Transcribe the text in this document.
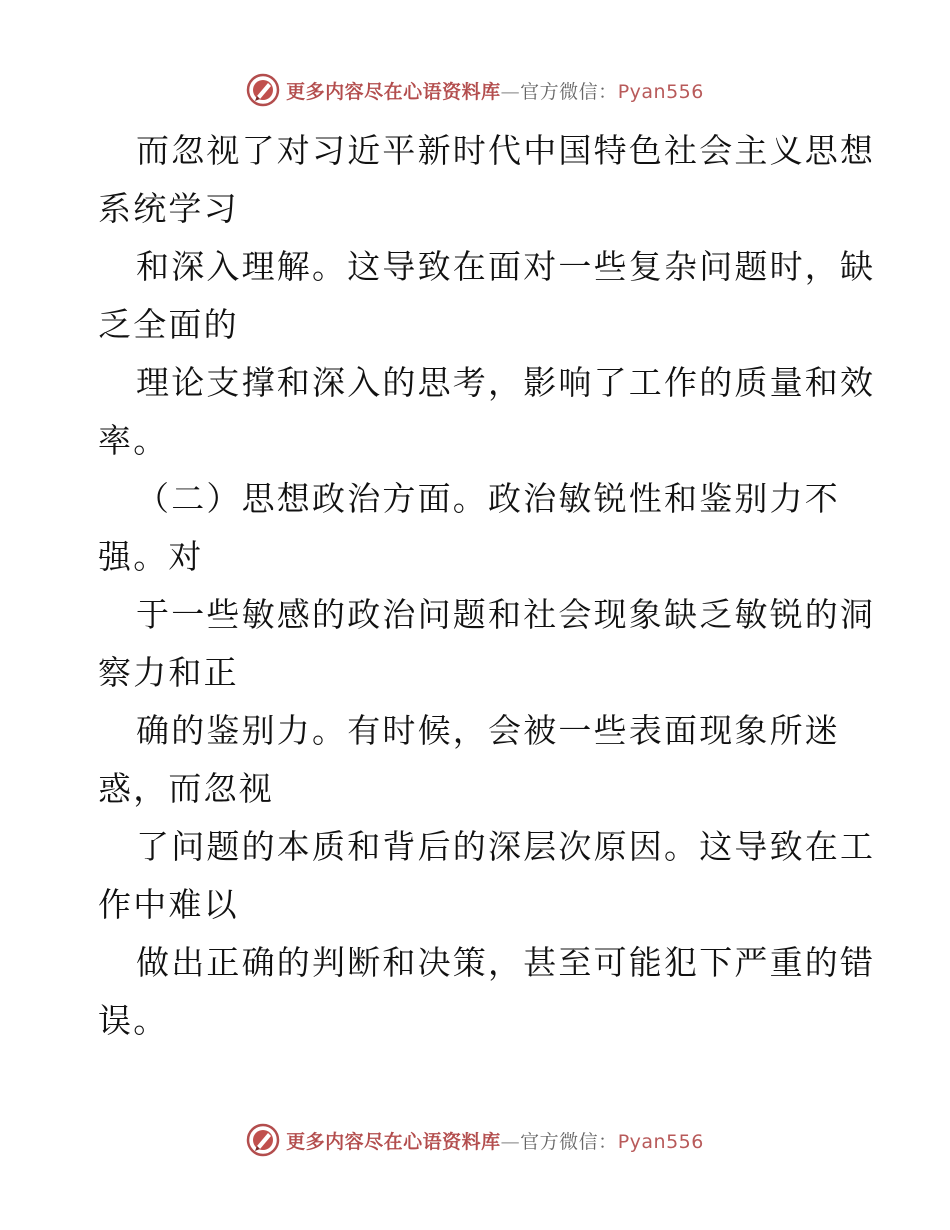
更多内容尽在心语资料库—官方微信：Pyan556
而忽视了对习近平新时代中国特色社会主义思想
系统学习
和深入理解。这导致在面对一些复杂问题时，缺
乏全面的
理论支撑和深入的思考，影响了工作的质量和效
率。
（二）思想政治方面。政治敏锐性和鉴别力不
强。对
于一些敏感的政治问题和社会现象缺乏敏锐的洞
察力和正
确的鉴别力。有时候，会被一些表面现象所迷
惑，而忽视
了问题的本质和背后的深层次原因。这导致在工
作中难以
做出正确的判断和决策，甚至可能犯下严重的错
误。
更多内容尽在心语资料库—官方微信：Pyan556
